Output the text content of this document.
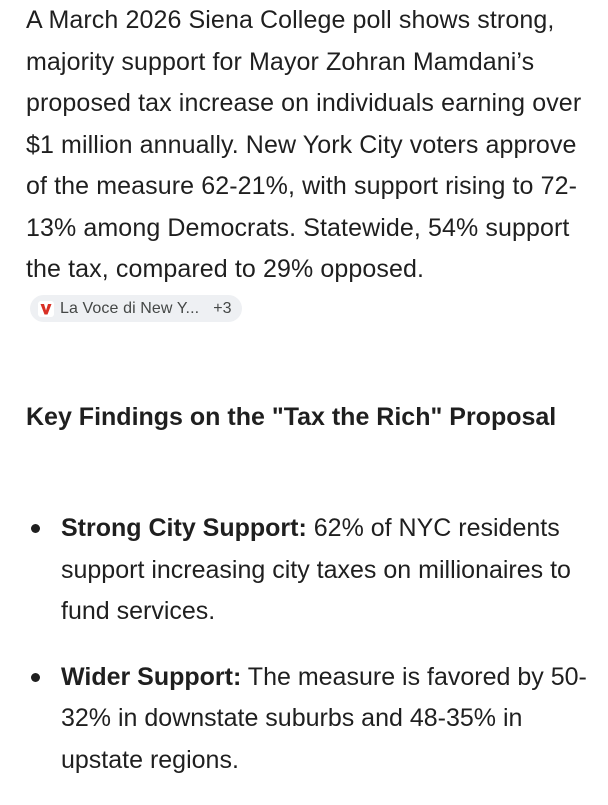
A March 2026 Siena College poll shows strong, majority support for Mayor Zohran Mamdani’s proposed tax increase on individuals earning over $1 million annually. New York City voters approve of the measure 62-21%, with support rising to 72-13% among Democrats. Statewide, 54% support the tax, compared to 29% opposed.
La Voce di New Y... +3

Key Findings on the "Tax the Rich" Proposal
Strong City Support: 62% of NYC residents support increasing city taxes on millionaires to fund services.
Wider Support: The measure is favored by 50-32% in downstate suburbs and 48-35% in upstate regions.
